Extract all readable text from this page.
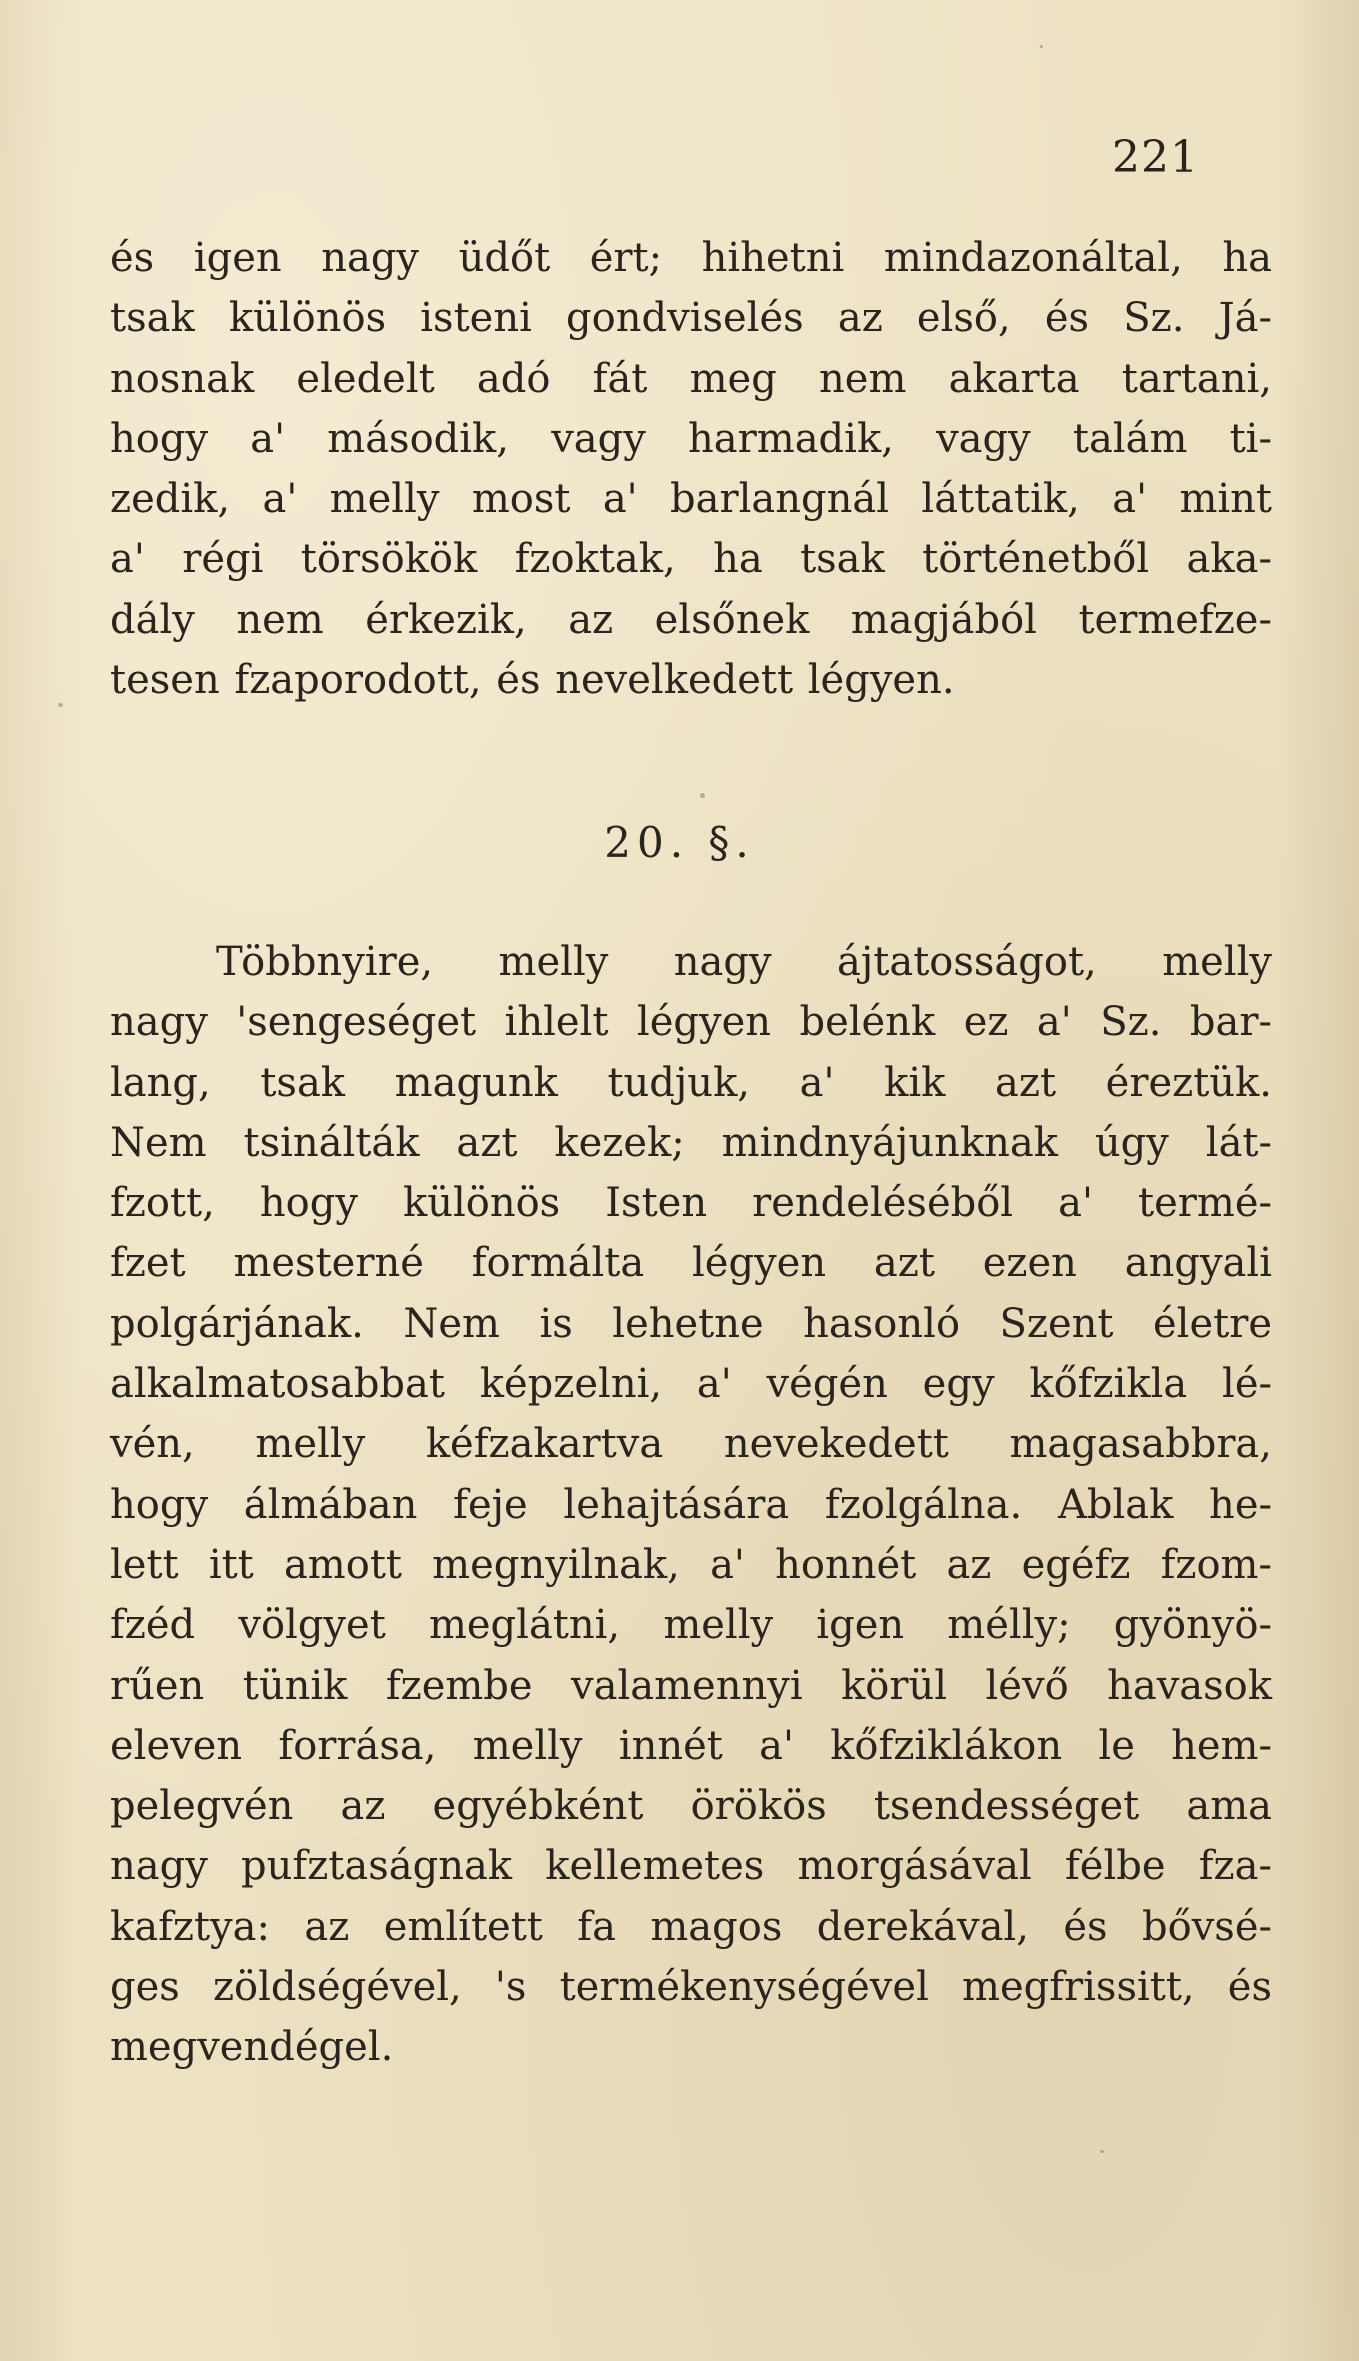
221
és igen nagy üdőt ért; hihetni mindazonáltal, ha
tsak különös isteni gondviselés az első, és Sz. Já-
nosnak eledelt adó fát meg nem akarta tartani,
hogy a' második, vagy harmadik, vagy talám ti-
zedik, a' melly most a' barlangnál láttatik, a' mint
a' régi törsökök fzoktak, ha tsak történetből aka-
dály nem érkezik, az elsőnek magjából termefze-
tesen fzaporodott, és nevelkedett légyen.
20. §.
Többnyire, melly nagy ájtatosságot, melly
nagy 'sengeséget ihlelt légyen belénk ez a' Sz. bar-
lang, tsak magunk tudjuk, a' kik azt éreztük.
Nem tsinálták azt kezek; mindnyájunknak úgy lát-
fzott, hogy különös Isten rendeléséből a' termé-
fzet mesterné formálta légyen azt ezen angyali
polgárjának. Nem is lehetne hasonló Szent életre
alkalmatosabbat képzelni, a' végén egy kőfzikla lé-
vén, melly kéfzakartva nevekedett magasabbra,
hogy álmában feje lehajtására fzolgálna. Ablak he-
lett itt amott megnyilnak, a' honnét az egéfz fzom-
fzéd völgyet meglátni, melly igen mélly; gyönyö-
rűen tünik fzembe valamennyi körül lévő havasok
eleven forrása, melly innét a' kőfziklákon le hem-
pelegvén az egyébként örökös tsendességet ama
nagy pufztaságnak kellemetes morgásával félbe fza-
kafztya: az említett fa magos derekával, és bővsé-
ges zöldségével, 's termékenységével megfrissitt, és
megvendégel.
